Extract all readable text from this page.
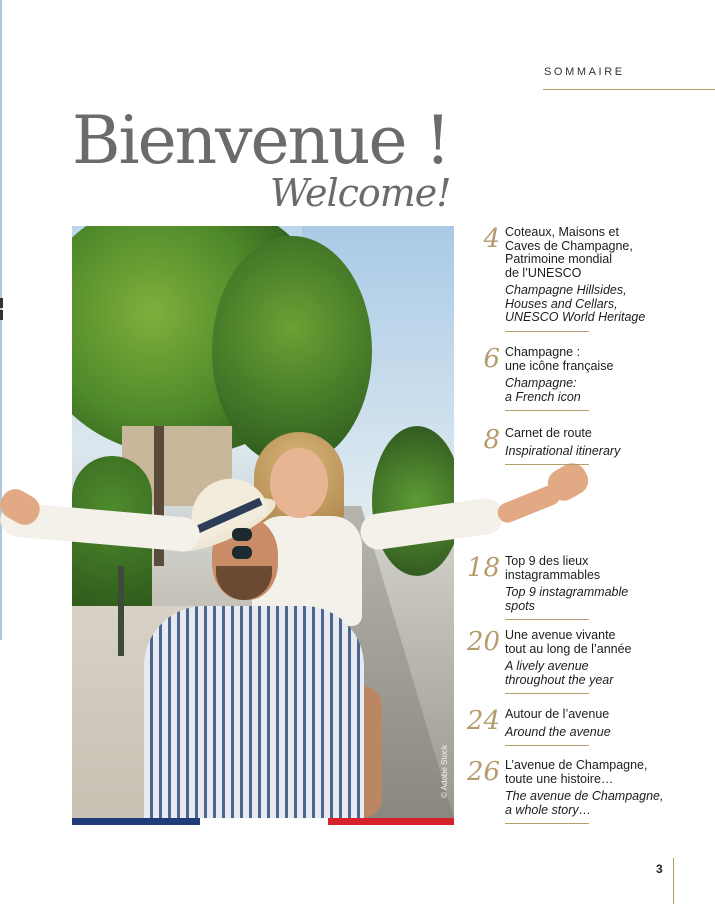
SOMMAIRE
Bienvenue !
Welcome!
© Adobe Stock
4 Coteaux, Maisons et
Caves de Champagne,
Patrimoine mondial
de l’UNESCO
Champagne Hillsides,
Houses and Cellars,
UNESCO World Heritage
6 Champagne :
une icône française
Champagne:
a French icon
8 Carnet de route
Inspirational itinerary
18 Top 9 des lieux
instagrammables
Top 9 instagrammable
spots
20 Une avenue vivante
tout au long de l’année
A lively avenue
throughout the year
24 Autour de l’avenue
Around the avenue
26 L’avenue de Champagne,
toute une histoire…
The avenue de Champagne,
a whole story…
3
